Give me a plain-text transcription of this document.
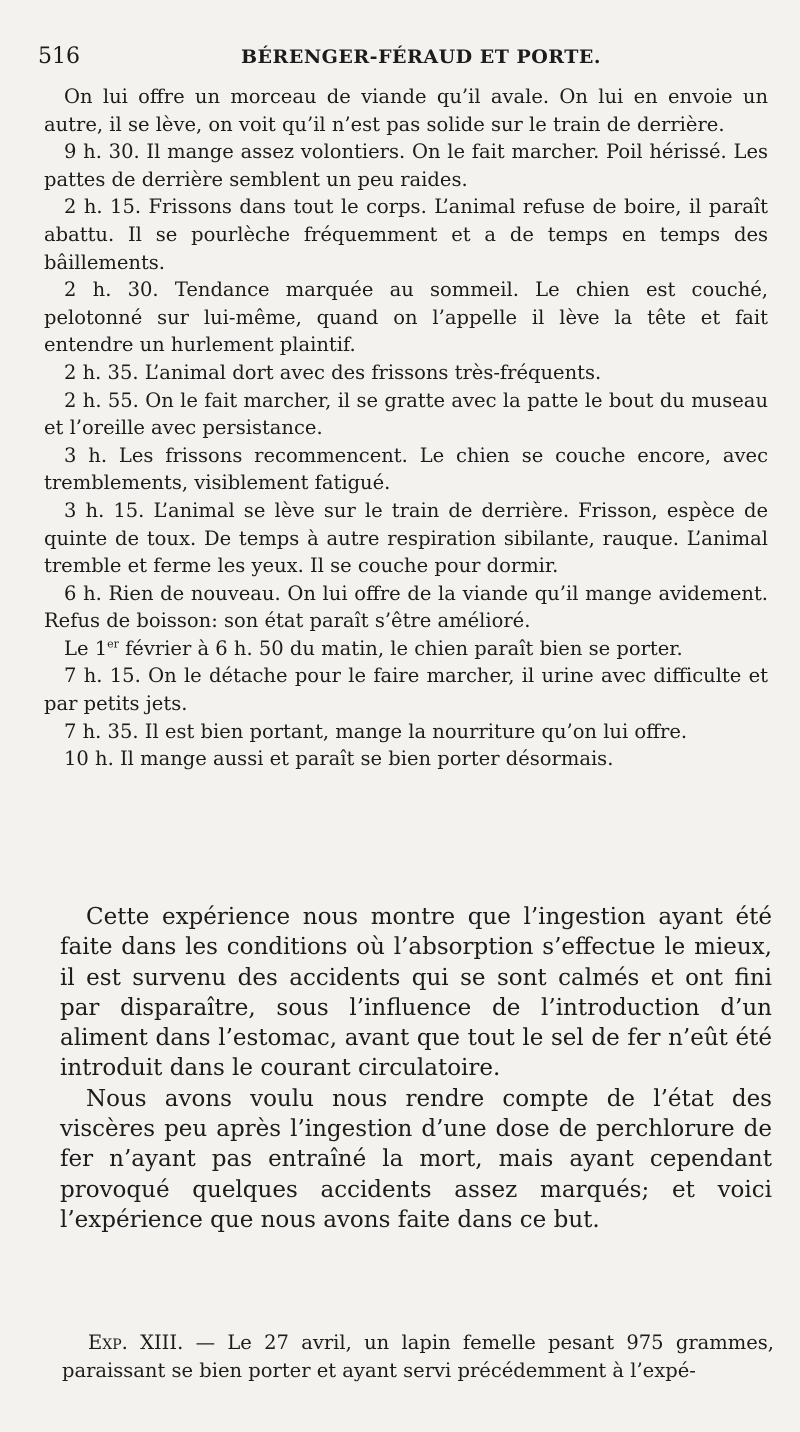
516	BÉRENGER-FÉRAUD ET PORTE.

On lui offre un morceau de viande qu’il avale. On lui en envoie un autre, il se lève, on voit qu’il n’est pas solide sur le train de derrière.

9 h. 30. Il mange assez volontiers. On le fait marcher. Poil hérissé. Les pattes de derrière semblent un peu raides.

2 h. 15. Frissons dans tout le corps. L’animal refuse de boire, il paraît abattu. Il se pourlèche fréquemment et a de temps en temps des bâillements.

2 h. 30. Tendance marquée au sommeil. Le chien est couché, pelotonné sur lui-même, quand on l’appelle il lève la tête et fait entendre un hurlement plaintif.

2 h. 35. L’animal dort avec des frissons très-fréquents.

2 h. 55. On le fait marcher, il se gratte avec la patte le bout du museau et l’oreille avec persistance.

3 h. Les frissons recommencent. Le chien se couche encore, avec tremblements, visiblement fatigué.

3 h. 15. L’animal se lève sur le train de derrière. Frisson, espèce de quinte de toux. De temps à autre respiration sibilante, rauque. L’animal tremble et ferme les yeux. Il se couche pour dormir.

6 h. Rien de nouveau. On lui offre de la viande qu’il mange avidement. Refus de boisson: son état paraît s’être amélioré.

Le 1er février à 6 h. 50 du matin, le chien paraît bien se porter.

7 h. 15. On le détache pour le faire marcher, il urine avec difficulte et par petits jets.

7 h. 35. Il est bien portant, mange la nourriture qu’on lui offre.

10 h. Il mange aussi et paraît se bien porter désormais.

Cette expérience nous montre que l’ingestion ayant été faite dans les conditions où l’absorption s’effectue le mieux, il est survenu des accidents qui se sont calmés et ont fini par disparaître, sous l’influence de l’introduction d’un aliment dans l’estomac, avant que tout le sel de fer n’eût été introduit dans le courant circulatoire.

Nous avons voulu nous rendre compte de l’état des viscères peu après l’ingestion d’une dose de perchlorure de fer n’ayant pas entraîné la mort, mais ayant cependant provoqué quelques accidents assez marqués; et voici l’expérience que nous avons faite dans ce but.

Exp. XIII. — Le 27 avril, un lapin femelle pesant 975 grammes, paraissant se bien porter et ayant servi précédemment à l’expé-
